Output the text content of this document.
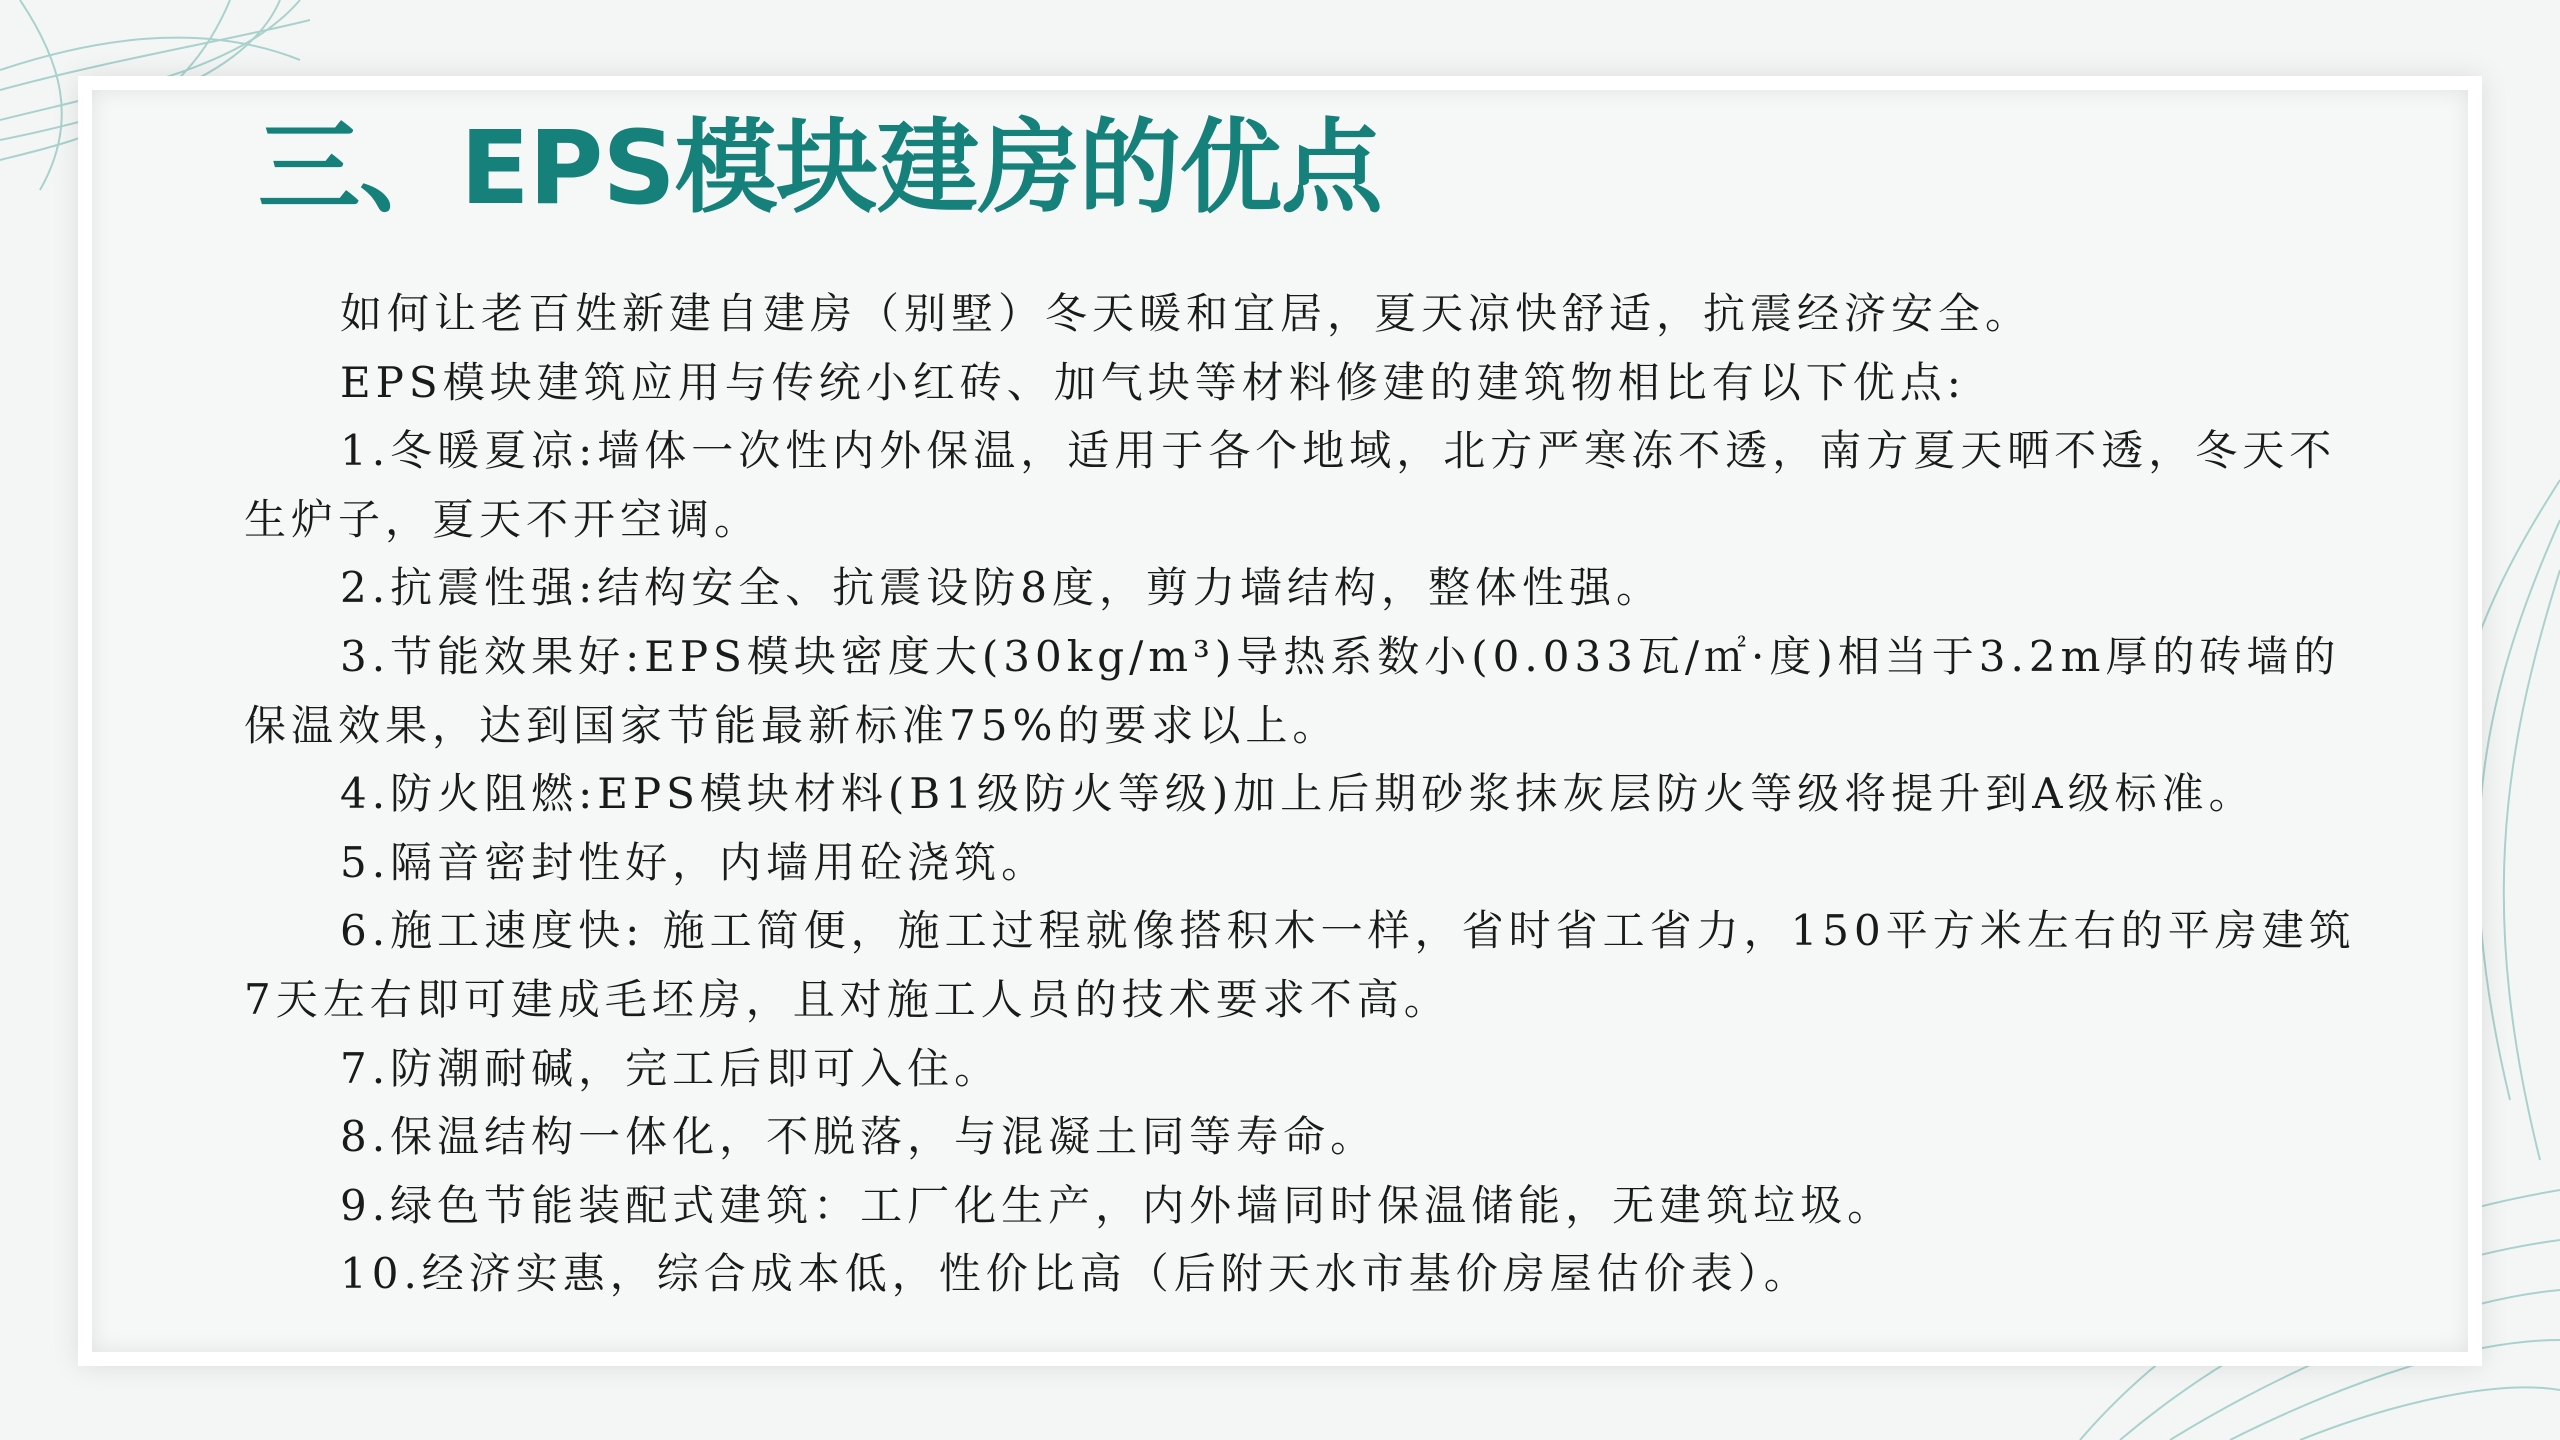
三、EPS模块建房的优点

如何让老百姓新建自建房（别墅）冬天暖和宜居，夏天凉快舒适，抗震经济安全。

EPS模块建筑应用与传统小红砖、加气块等材料修建的建筑物相比有以下优点:

1.冬暖夏凉:墙体一次性内外保温，适用于各个地域，北方严寒冻不透，南方夏天晒不透，冬天不生炉子，夏天不开空调。

2.抗震性强:结构安全、抗震设防8度，剪力墙结构，整体性强。

3.节能效果好:EPS模块密度大(30kg/m³)导热系数小(0.033瓦/㎡·度)相当于3.2m厚的砖墙的保温效果，达到国家节能最新标准75%的要求以上。

4.防火阻燃:EPS模块材料(B1级防火等级)加上后期砂浆抹灰层防火等级将提升到A级标准。

5.隔音密封性好，内墙用砼浇筑。

6.施工速度快: 施工简便，施工过程就像搭积木一样，省时省工省力，150平方米左右的平房建筑7天左右即可建成毛坯房，且对施工人员的技术要求不高。

7.防潮耐碱，完工后即可入住。

8.保温结构一体化，不脱落，与混凝土同等寿命。

9.绿色节能装配式建筑：工厂化生产，内外墙同时保温储能，无建筑垃圾。

10.经济实惠，综合成本低，性价比高（后附天水市基价房屋估价表）。
